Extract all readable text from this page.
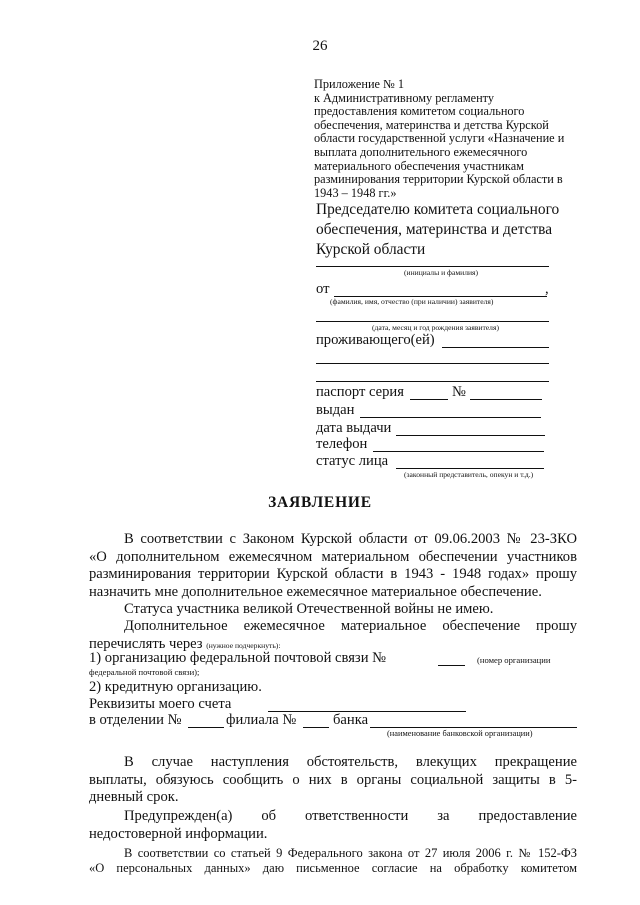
26
Приложение № 1
к Административному регламенту
предоставления комитетом социального
обеспечения, материнства и детства Курской
области государственной услуги «Назначение и
выплата дополнительного ежемесячного
материального обеспечения участникам
разминирования территории Курской области в
1943 – 1948 гг.»
Председателю комитета социального
обеспечения, материнства и детства
Курской области
(инициалы и фамилия)
от	,
(фамилия, имя, отчество (при наличии) заявителя)
(дата, месяц и год рождения заявителя)
проживающего(ей)
паспорт серия	№
выдан
дата выдачи
телефон
статус лица
(законный представитель, опекун и т.д.)
ЗАЯВЛЕНИЕ
В соответствии с Законом Курской области от 09.06.2003 № 23-ЗКО
«О дополнительном ежемесячном материальном обеспечении участников
разминирования территории Курской области в 1943 - 1948 годах» прошу
назначить мне дополнительное ежемесячное материальное обеспечение.
Статуса участника великой Отечественной войны не имею.
Дополнительное ежемесячное материальное обеспечение прошу
перечислять через (нужное подчеркнуть):
1) организацию федеральной почтовой связи №	(номер организации
федеральной почтовой связи);
2) кредитную организацию.
Реквизиты моего счета
в отделении №	филиала №	банка
(наименование банковской организации)
В случае наступления обстоятельств, влекущих прекращение
выплаты, обязуюсь сообщить о них в органы социальной защиты в 5-
дневный срок.
Предупрежден(а) об ответственности за предоставление
недостоверной информации.
В соответствии со статьей 9 Федерального закона от 27 июля 2006 г. № 152-ФЗ
«О персональных данных» даю письменное согласие на обработку комитетом
